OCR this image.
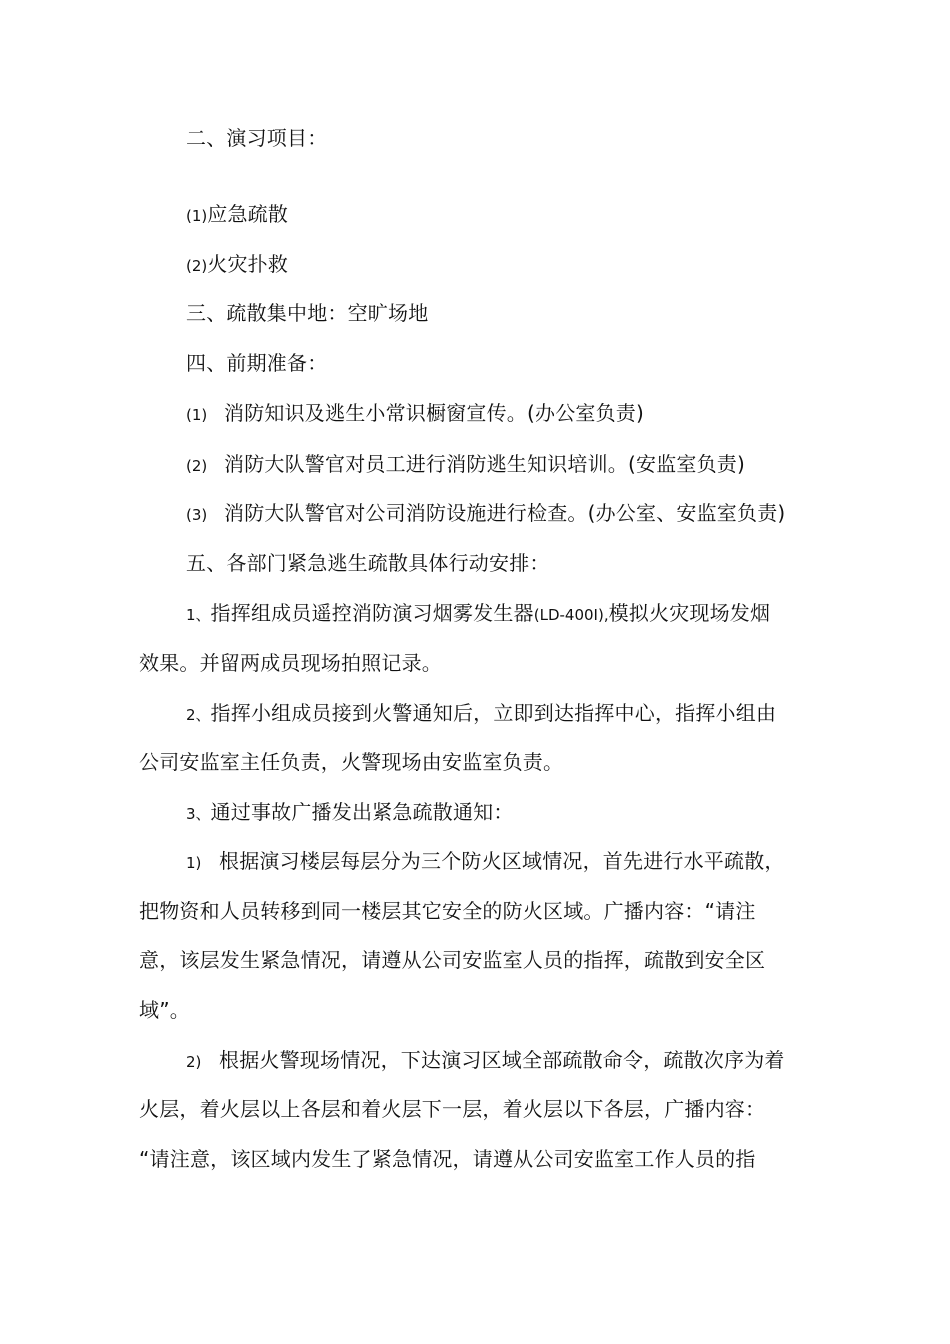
二、演习项目：
(1)应急疏散
(2)火灾扑救
三、疏散集中地：空旷场地
四、前期准备：
(1) 消防知识及逃生小常识橱窗宣传。(办公室负责)
(2) 消防大队警官对员工进行消防逃生知识培训。(安监室负责)
(3) 消防大队警官对公司消防设施进行检查。(办公室、安监室负责)
五、各部门紧急逃生疏散具体行动安排：
1、指挥组成员遥控消防演习烟雾发生器(LD-400I),模拟火灾现场发烟
效果。并留两成员现场拍照记录。
2、指挥小组成员接到火警通知后，立即到达指挥中心，指挥小组由
公司安监室主任负责，火警现场由安监室负责。
3、通过事故广播发出紧急疏散通知：
1) 根据演习楼层每层分为三个防火区域情况，首先进行水平疏散，
把物资和人员转移到同一楼层其它安全的防火区域。广播内容：“请注
意，该层发生紧急情况，请遵从公司安监室人员的指挥，疏散到安全区
域”。
2) 根据火警现场情况，下达演习区域全部疏散命令，疏散次序为着
火层，着火层以上各层和着火层下一层，着火层以下各层，广播内容：
“请注意，该区域内发生了紧急情况，请遵从公司安监室工作人员的指
